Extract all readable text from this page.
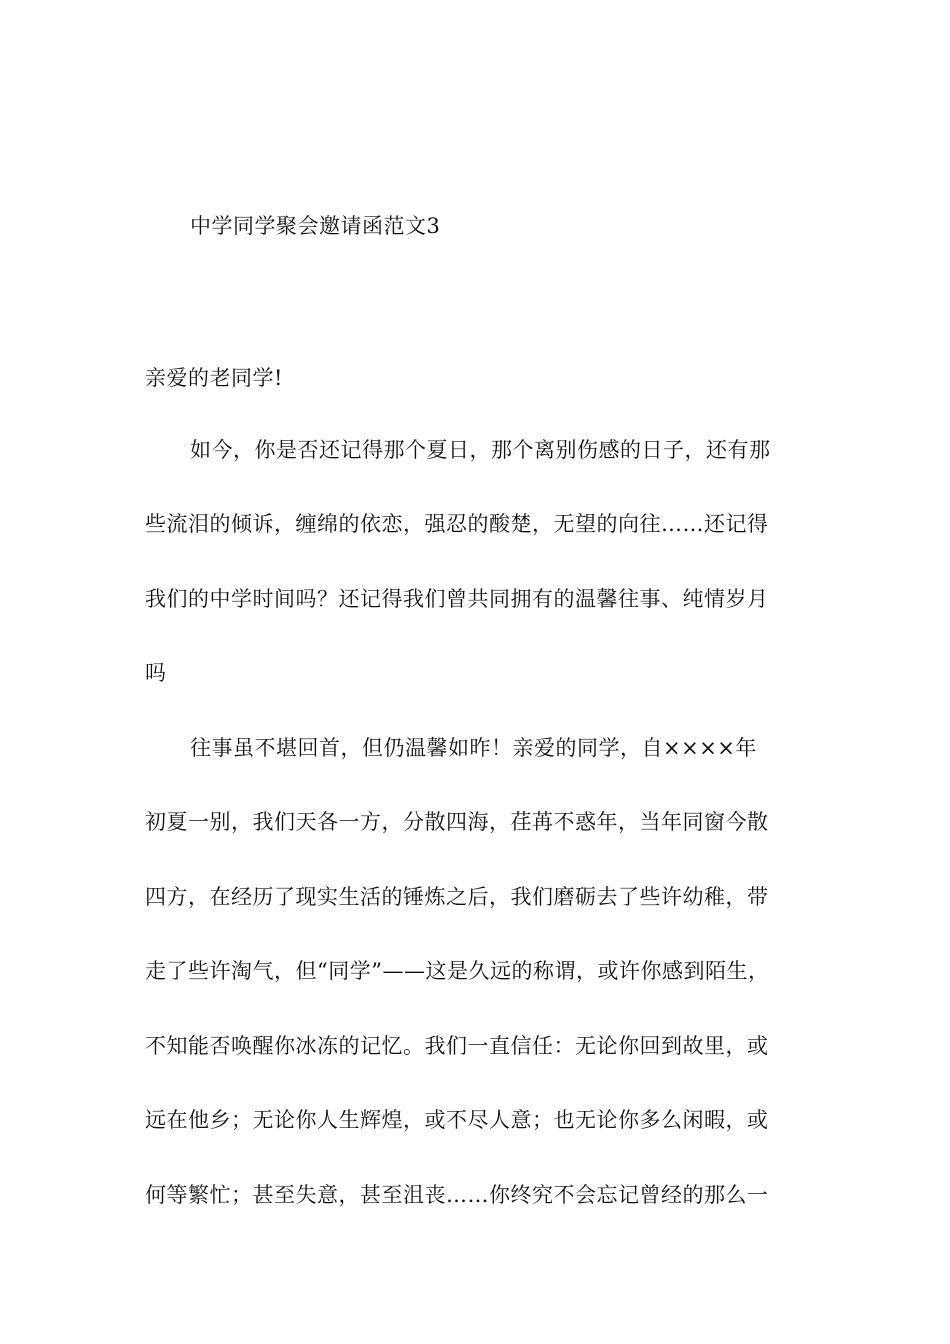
中学同学聚会邀请函范文3
亲爱的老同学!
如今，你是否还记得那个夏日，那个离别伤感的日子，还有那
些流泪的倾诉，缠绵的依恋，强忍的酸楚，无望的向往……还记得
我们的中学时间吗？还记得我们曾共同拥有的温馨往事、纯情岁月
吗
往事虽不堪回首，但仍温馨如昨！亲爱的同学，自××××年
初夏一别，我们天各一方，分散四海，荏苒不惑年，当年同窗今散
四方，在经历了现实生活的锤炼之后，我们磨砺去了些许幼稚，带
走了些许淘气，但“同学”——这是久远的称谓，或许你感到陌生，
不知能否唤醒你冰冻的记忆。我们一直信任：无论你回到故里，或
远在他乡；无论你人生辉煌，或不尽人意；也无论你多么闲暇，或
何等繁忙；甚至失意，甚至沮丧……你终究不会忘记曾经的那么一
